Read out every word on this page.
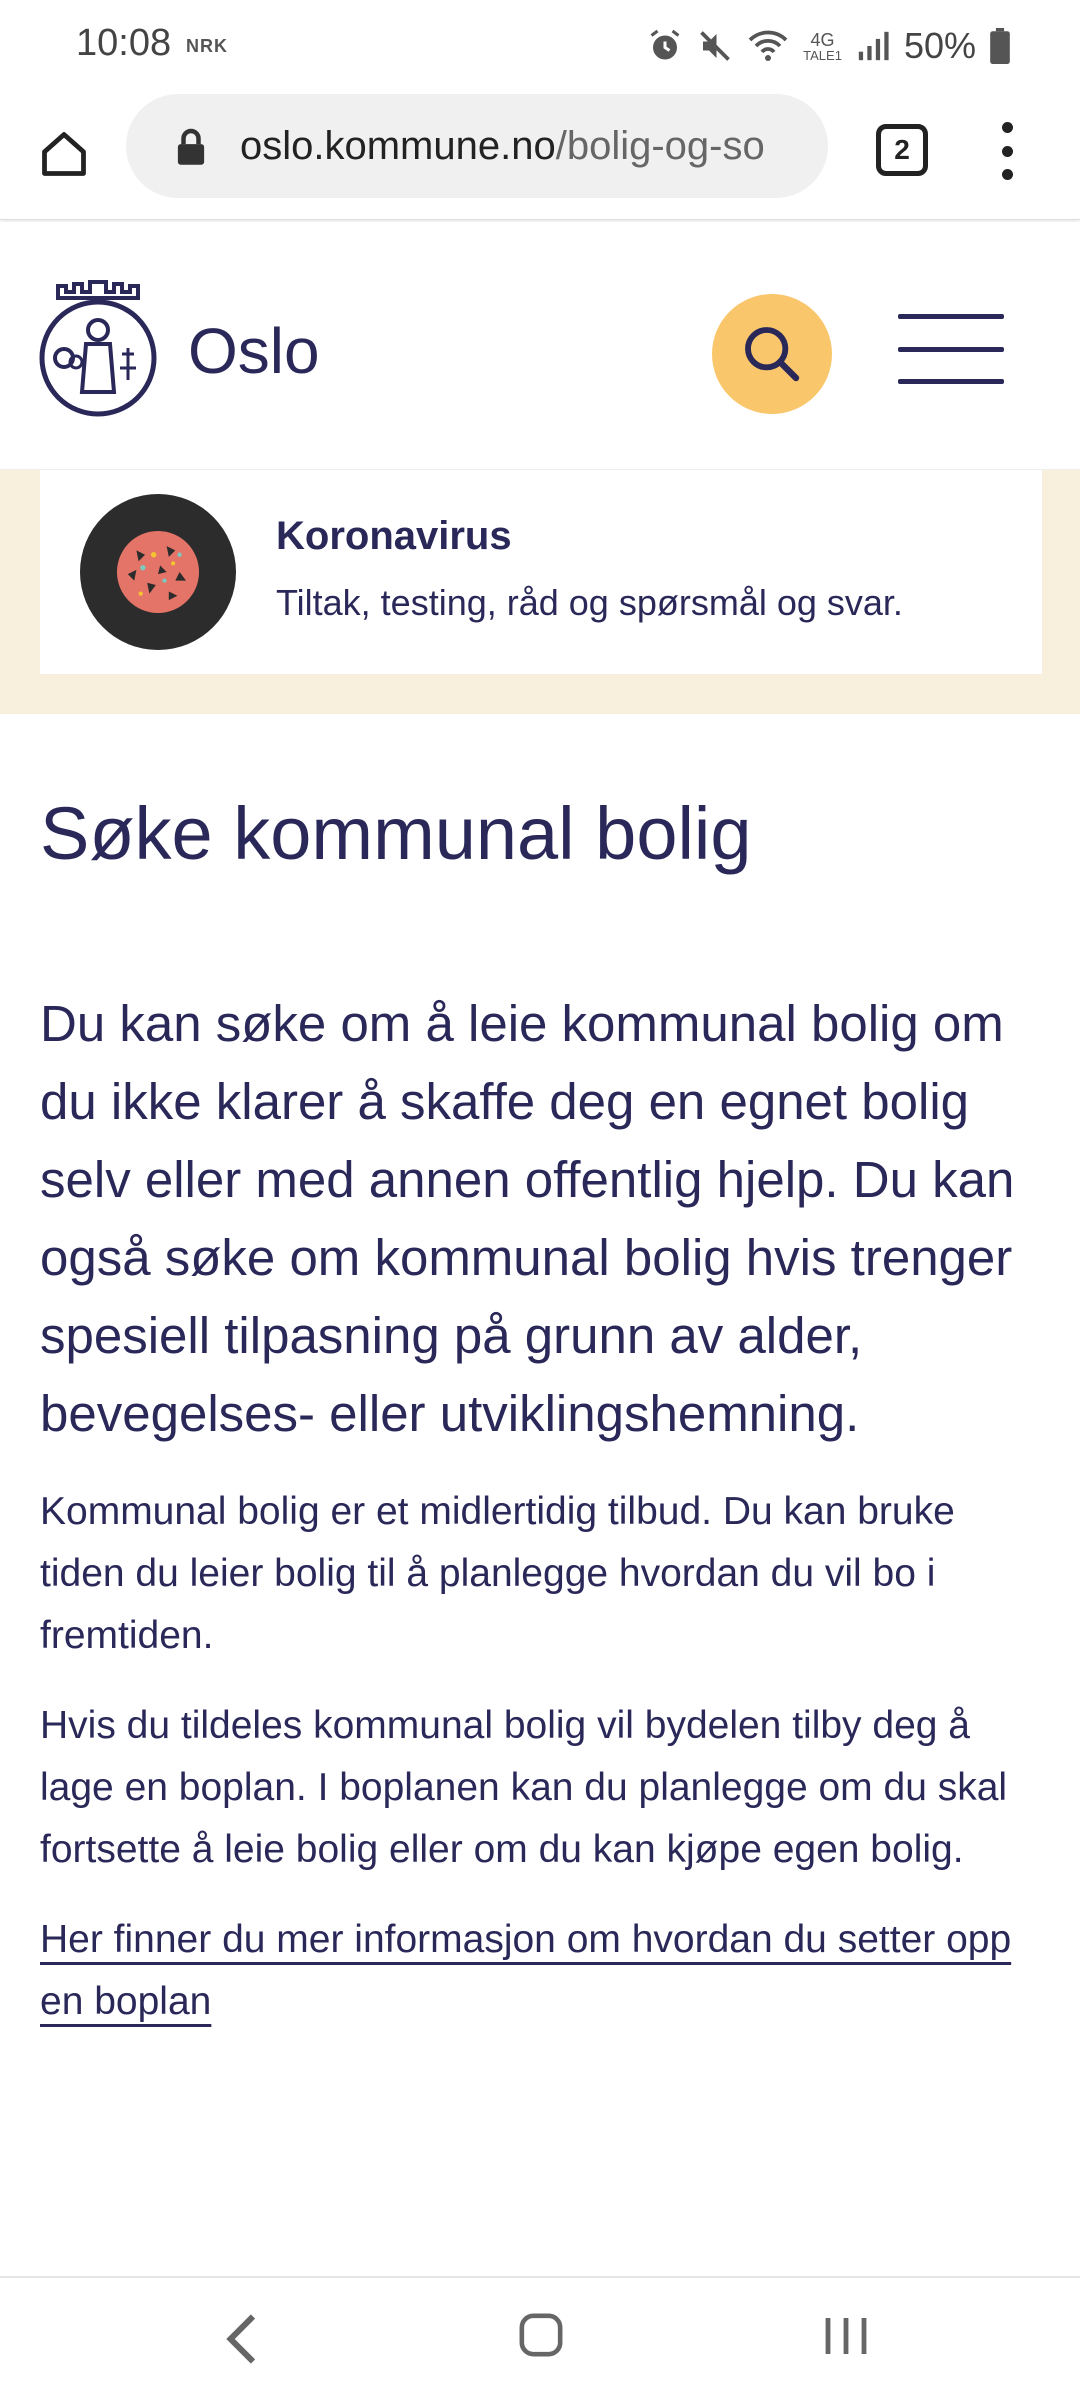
10:08 NRK	4G
TALE1 50%
oslo.kommune.no/bolig-og-so	2
Oslo
Koronavirus
Tiltak, testing, råd og spørsmål og svar.
Søke kommunal bolig

Du kan søke om å leie kommunal bolig om du ikke klarer å skaffe deg en egnet bolig selv eller med annen offentlig hjelp. Du kan også søke om kommunal bolig hvis trenger spesiell tilpasning på grunn av alder, bevegelses- eller utviklingshemning.

Kommunal bolig er et midlertidig tilbud. Du kan bruke tiden du leier bolig til å planlegge hvordan du vil bo i fremtiden.

Hvis du tildeles kommunal bolig vil bydelen tilby deg å lage en boplan. I boplanen kan du planlegge om du skal fortsette å leie bolig eller om du kan kjøpe egen bolig.

Her finner du mer informasjon om hvordan du setter opp en boplan
